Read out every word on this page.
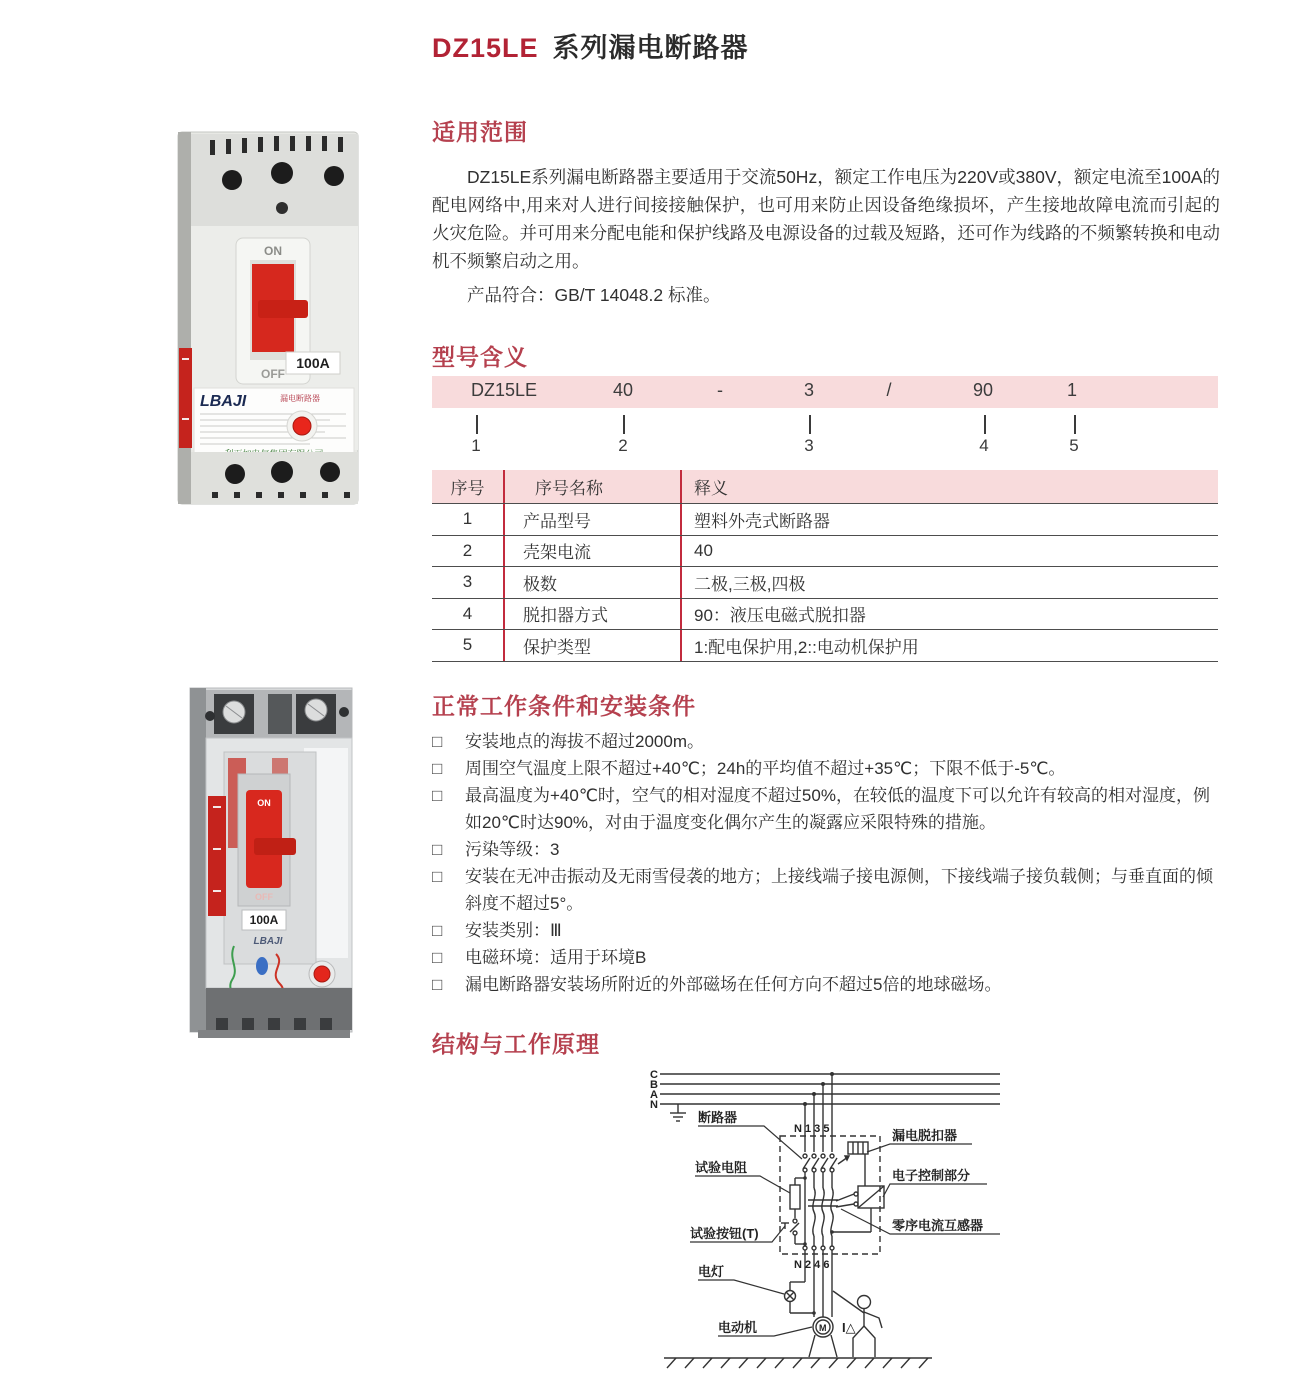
DZ15LE 系列漏电断路器
ON
OFF
100A
LBAJI	漏电断路器
ON
OFF
100A
LBAJI
适用范围
DZ15LE系列漏电断路器主要适用于交流50Hz，额定工作电压为220V或380V，额定电流至100A的配电网络中,用来对人进行间接接触保护，也可用来防止因设备绝缘损坏，产生接地故障电流而引起的火灾危险。并可用来分配电能和保护线路及电源设备的过载及短路，还可作为线路的不频繁转换和电动机不频繁启动之用。
产品符合：GB/T 14048.2 标准。
型号含义
DZ15LE	40	-	3	/	90	1
1	2	3	4	5
序号	序号名称	释义
1	产品型号	塑料外壳式断路器
2	壳架电流	40
3	极数	二极,三极,四极
4	脱扣器方式	90：液压电磁式脱扣器
5	保护类型	1:配电保护用,2::电动机保护用
正常工作条件和安装条件
□ 安装地点的海拔不超过2000m。
□ 周围空气温度上限不超过+40℃；24h的平均值不超过+35℃；下限不低于-5℃。
□ 最高温度为+40℃时，空气的相对湿度不超过50%，在较低的温度下可以允许有较高的相对湿度，例如20℃时达90%，对由于温度变化偶尔产生的凝露应采限特殊的措施。
□ 污染等级：3
□ 安装在无冲击振动及无雨雪侵袭的地方；上接线端子接电源侧，下接线端子接负载侧；与垂直面的倾斜度不超过5°。
□ 安装类别：Ⅲ
□ 电磁环境：适用于环境B
□ 漏电断路器安装场所附近的外部磁场在任何方向不超过5倍的地球磁场。
结构与工作原理
C
B
A
N
N 1 3 5
N 2 4 6
断路器
试验电阻
试验按钮(T)
漏电脱扣器
电子控制部分
零序电流互感器
电灯
电动机	M I△
